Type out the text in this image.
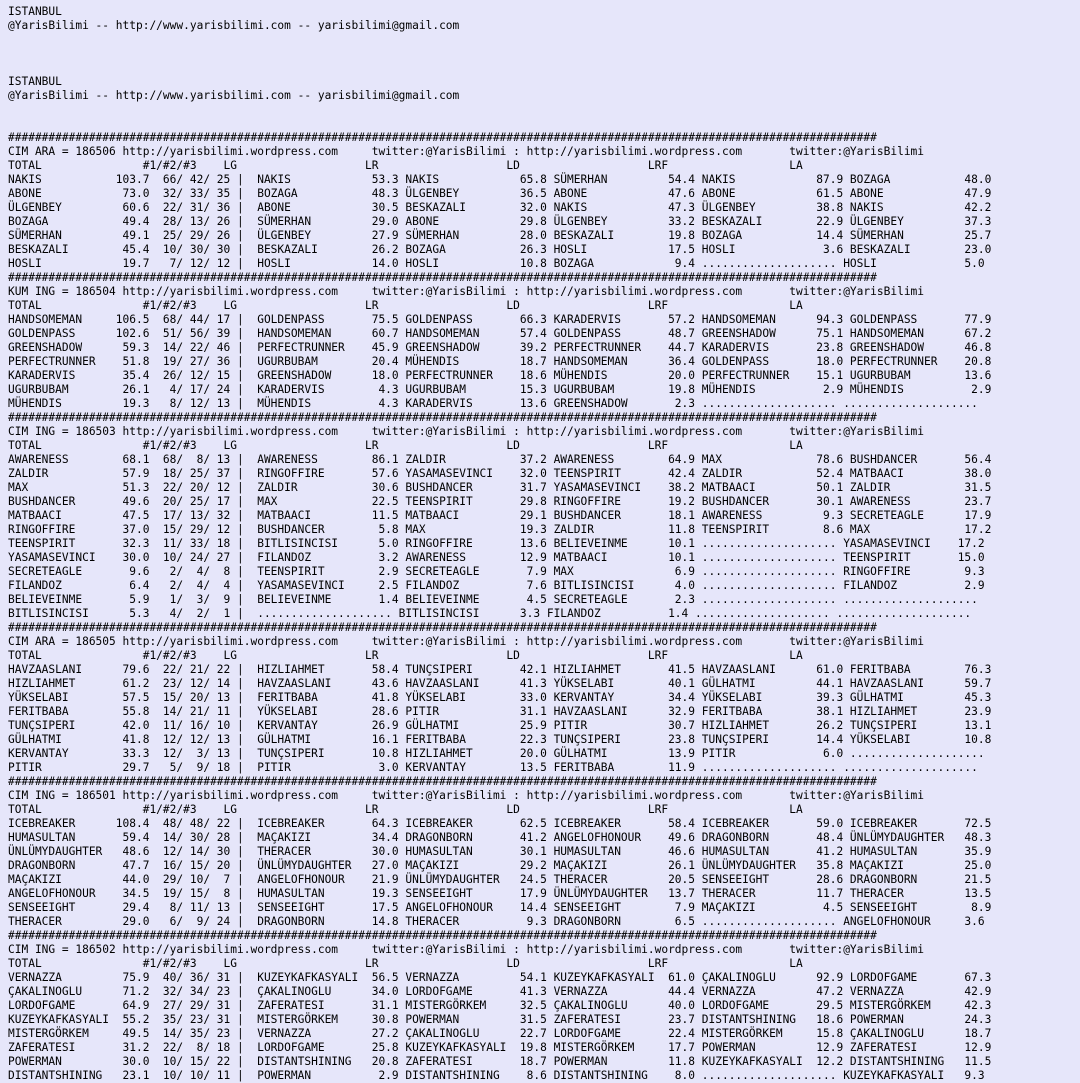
ISTANBUL
@YarisBilimi -- http://www.yarisbilimi.com -- yarisbilimi@gmail.com
ISTANBUL
@YarisBilimi -- http://www.yarisbilimi.com -- yarisbilimi@gmail.com
#################################################################################################################################
CIM ARA = 186506 http://yarisbilimi.wordpress.com     twitter:@YarisBilimi : http://yarisbilimi.wordpress.com       twitter:@YarisBilimi
TOTAL               #1/#2/#3    LG                   LR                   LD                   LRF                  LA
NAKIS           103.7  66/ 42/ 25 |  NAKIS            53.3 NAKIS            65.8 SÜMERHAN         54.4 NAKIS            87.9 BOZAGA           48.0
ABONE            73.0  32/ 33/ 35 |  BOZAGA           48.3 ÜLGENBEY         36.5 ABONE            47.6 ABONE            61.5 ABONE            47.9
ÜLGENBEY         60.6  22/ 31/ 36 |  ABONE            30.5 BESKAZALI        32.0 NAKIS            47.3 ÜLGENBEY         38.8 NAKIS            42.2
BOZAGA           49.4  28/ 13/ 26 |  SÜMERHAN         29.0 ABONE            29.8 ÜLGENBEY         33.2 BESKAZALI        22.9 ÜLGENBEY         37.3
SÜMERHAN         49.1  25/ 29/ 26 |  ÜLGENBEY         27.9 SÜMERHAN         28.0 BESKAZALI        19.8 BOZAGA           14.4 SÜMERHAN         25.7
BESKAZALI        45.4  10/ 30/ 30 |  BESKAZALI        26.2 BOZAGA           26.3 HOSLI            17.5 HOSLI             3.6 BESKAZALI        23.0
HOSLI            19.7   7/ 12/ 12 |  HOSLI            14.0 HOSLI            10.8 BOZAGA            9.4 .................... HOSLI             5.0
#################################################################################################################################
KUM ING = 186504 http://yarisbilimi.wordpress.com     twitter:@YarisBilimi : http://yarisbilimi.wordpress.com       twitter:@YarisBilimi
TOTAL               #1/#2/#3    LG                   LR                   LD                   LRF                  LA
HANDSOMEMAN     106.5  68/ 44/ 17 |  GOLDENPASS       75.5 GOLDENPASS       66.3 KARADERVIS       57.2 HANDSOMEMAN      94.3 GOLDENPASS       77.9
GOLDENPASS      102.6  51/ 56/ 39 |  HANDSOMEMAN      60.7 HANDSOMEMAN      57.4 GOLDENPASS       48.7 GREENSHADOW      75.1 HANDSOMEMAN      67.2
GREENSHADOW      59.3  14/ 22/ 46 |  PERFECTRUNNER    45.9 GREENSHADOW      39.2 PERFECTRUNNER    44.7 KARADERVIS       23.8 GREENSHADOW      46.8
PERFECTRUNNER    51.8  19/ 27/ 36 |  UGURBUBAM        20.4 MÜHENDIS         18.7 HANDSOMEMAN      36.4 GOLDENPASS       18.0 PERFECTRUNNER    20.8
KARADERVIS       35.4  26/ 12/ 15 |  GREENSHADOW      18.0 PERFECTRUNNER    18.6 MÜHENDIS         20.0 PERFECTRUNNER    15.1 UGURBUBAM        13.6
UGURBUBAM        26.1   4/ 17/ 24 |  KARADERVIS        4.3 UGURBUBAM        15.3 UGURBUBAM        19.8 MÜHENDIS          2.9 MÜHENDIS          2.9
MÜHENDIS         19.3   8/ 12/ 13 |  MÜHENDIS          4.3 KARADERVIS       13.6 GREENSHADOW       2.3 .................... ....................
#################################################################################################################################
CIM ING = 186503 http://yarisbilimi.wordpress.com     twitter:@YarisBilimi : http://yarisbilimi.wordpress.com       twitter:@YarisBilimi
TOTAL               #1/#2/#3    LG                   LR                   LD                   LRF                  LA
AWARENESS        68.1  68/  8/ 13 |  AWARENESS        86.1 ZALDIR           37.2 AWARENESS        64.9 MAX              78.6 BUSHDANCER       56.4
ZALDIR           57.9  18/ 25/ 37 |  RINGOFFIRE       57.6 YASAMASEVINCI    32.0 TEENSPIRIT       42.4 ZALDIR           52.4 MATBAACI         38.0
MAX              51.3  22/ 20/ 12 |  ZALDIR           30.6 BUSHDANCER       31.7 YASAMASEVINCI    38.2 MATBAACI         50.1 ZALDIR           31.5
BUSHDANCER       49.6  20/ 25/ 17 |  MAX              22.5 TEENSPIRIT       29.8 RINGOFFIRE       19.2 BUSHDANCER       30.1 AWARENESS        23.7
MATBAACI         47.5  17/ 13/ 32 |  MATBAACI         11.5 MATBAACI         29.1 BUSHDANCER       18.1 AWARENESS         9.3 SECRETEAGLE      17.9
RINGOFFIRE       37.0  15/ 29/ 12 |  BUSHDANCER        5.8 MAX              19.3 ZALDIR           11.8 TEENSPIRIT        8.6 MAX              17.2
TEENSPIRIT       32.3  11/ 33/ 18 |  BITLISINCISI      5.0 RINGOFFIRE       13.6 BELIEVEINME      10.1 .................... YASAMASEVINCI    17.2
YASAMASEVINCI    30.0  10/ 24/ 27 |  FILANDOZ          3.2 AWARENESS        12.9 MATBAACI         10.1 .................... TEENSPIRIT       15.0
SECRETEAGLE       9.6   2/  4/  8 |  TEENSPIRIT        2.9 SECRETEAGLE       7.9 MAX               6.9 .................... RINGOFFIRE        9.3
FILANDOZ          6.4   2/  4/  4 |  YASAMASEVINCI     2.5 FILANDOZ          7.6 BITLISINCISI      4.0 .................... FILANDOZ          2.9
BELIEVEINME       5.9   1/  3/  9 |  BELIEVEINME       1.4 BELIEVEINME       4.5 SECRETEAGLE       2.3 .................... ....................
BITLISINCISI      5.3   4/  2/  1 |  .................... BITLISINCISI      3.3 FILANDOZ          1.4 .................... ....................
#################################################################################################################################
CIM ARA = 186505 http://yarisbilimi.wordpress.com     twitter:@YarisBilimi : http://yarisbilimi.wordpress.com       twitter:@YarisBilimi
TOTAL               #1/#2/#3    LG                   LR                   LD                   LRF                  LA
HAVZAASLANI      79.6  22/ 21/ 22 |  HIZLIAHMET       58.4 TUNÇSIPERI       42.1 HIZLIAHMET       41.5 HAVZAASLANI      61.0 FERITBABA        76.3
HIZLIAHMET       61.2  23/ 12/ 14 |  HAVZAASLANI      43.6 HAVZAASLANI      41.3 YÜKSELABI        40.1 GÜLHATMI         44.1 HAVZAASLANI      59.7
YÜKSELABI        57.5  15/ 20/ 13 |  FERITBABA        41.8 YÜKSELABI        33.0 KERVANTAY        34.4 YÜKSELABI        39.3 GÜLHATMI         45.3
FERITBABA        55.8  14/ 21/ 11 |  YÜKSELABI        28.6 PITIR            31.1 HAVZAASLANI      32.9 FERITBABA        38.1 HIZLIAHMET       23.9
TUNÇSIPERI       42.0  11/ 16/ 10 |  KERVANTAY        26.9 GÜLHATMI         25.9 PITIR            30.7 HIZLIAHMET       26.2 TUNÇSIPERI       13.1
GÜLHATMI         41.8  12/ 12/ 13 |  GÜLHATMI         16.1 FERITBABA        22.3 TUNÇSIPERI       23.8 TUNÇSIPERI       14.4 YÜKSELABI        10.8
KERVANTAY        33.3  12/  3/ 13 |  TUNÇSIPERI       10.8 HIZLIAHMET       20.0 GÜLHATMI         13.9 PITIR             6.0 ....................
PITIR            29.7   5/  9/ 18 |  PITIR             3.0 KERVANTAY        13.5 FERITBABA        11.9 .................... ....................
#################################################################################################################################
CIM ING = 186501 http://yarisbilimi.wordpress.com     twitter:@YarisBilimi : http://yarisbilimi.wordpress.com       twitter:@YarisBilimi
TOTAL               #1/#2/#3    LG                   LR                   LD                   LRF                  LA
ICEBREAKER      108.4  48/ 48/ 22 |  ICEBREAKER       64.3 ICEBREAKER       62.5 ICEBREAKER       58.4 ICEBREAKER       59.0 ICEBREAKER       72.5
HUMASULTAN       59.4  14/ 30/ 28 |  MAÇAKIZI         34.4 DRAGONBORN       41.2 ANGELOFHONOUR    49.6 DRAGONBORN       48.4 ÜNLÜMYDAUGHTER   48.3
ÜNLÜMYDAUGHTER   48.6  12/ 14/ 30 |  THERACER         30.0 HUMASULTAN       30.1 HUMASULTAN       46.6 HUMASULTAN       41.2 HUMASULTAN       35.9
DRAGONBORN       47.7  16/ 15/ 20 |  ÜNLÜMYDAUGHTER   27.0 MAÇAKIZI         29.2 MAÇAKIZI         26.1 ÜNLÜMYDAUGHTER   35.8 MAÇAKIZI         25.0
MAÇAKIZI         44.0  29/ 10/  7 |  ANGELOFHONOUR    21.9 ÜNLÜMYDAUGHTER   24.5 THERACER         20.5 SENSEEIGHT       28.6 DRAGONBORN       21.5
ANGELOFHONOUR    34.5  19/ 15/  8 |  HUMASULTAN       19.3 SENSEEIGHT       17.9 ÜNLÜMYDAUGHTER   13.7 THERACER         11.7 THERACER         13.5
SENSEEIGHT       29.4   8/ 11/ 13 |  SENSEEIGHT       17.5 ANGELOFHONOUR    14.4 SENSEEIGHT        7.9 MAÇAKIZI          4.5 SENSEEIGHT        8.9
THERACER         29.0   6/  9/ 24 |  DRAGONBORN       14.8 THERACER          9.3 DRAGONBORN        6.5 .................... ANGELOFHONOUR     3.6
#################################################################################################################################
CIM ING = 186502 http://yarisbilimi.wordpress.com     twitter:@YarisBilimi : http://yarisbilimi.wordpress.com       twitter:@YarisBilimi
TOTAL               #1/#2/#3    LG                   LR                   LD                   LRF                  LA
VERNAZZA         75.9  40/ 36/ 31 |  KUZEYKAFKASYALI  56.5 VERNAZZA         54.1 KUZEYKAFKASYALI  61.0 ÇAKALINOGLU      92.9 LORDOFGAME       67.3
ÇAKALINOGLU      71.2  32/ 34/ 23 |  ÇAKALINOGLU      34.0 LORDOFGAME       41.3 VERNAZZA         44.4 VERNAZZA         47.2 VERNAZZA         42.9
LORDOFGAME       64.9  27/ 29/ 31 |  ZAFERATESI       31.1 MISTERGÖRKEM     32.5 ÇAKALINOGLU      40.0 LORDOFGAME       29.5 MISTERGÖRKEM     42.3
KUZEYKAFKASYALI  55.2  35/ 23/ 31 |  MISTERGÖRKEM     30.8 POWERMAN         31.5 ZAFERATESI       23.7 DISTANTSHINING   18.6 POWERMAN         24.3
MISTERGÖRKEM     49.5  14/ 35/ 23 |  VERNAZZA         27.2 ÇAKALINOGLU      22.7 LORDOFGAME       22.4 MISTERGÖRKEM     15.8 ÇAKALINOGLU      18.7
ZAFERATESI       31.2  22/  8/ 18 |  LORDOFGAME       25.8 KUZEYKAFKASYALI  19.8 MISTERGÖRKEM     17.7 POWERMAN         12.9 ZAFERATESI       12.9
POWERMAN         30.0  10/ 15/ 22 |  DISTANTSHINING   20.8 ZAFERATESI       18.7 POWERMAN         11.8 KUZEYKAFKASYALI  12.2 DISTANTSHINING   11.5
DISTANTSHINING   23.1  10/ 10/ 11 |  POWERMAN          2.9 DISTANTSHINING    8.6 DISTANTSHINING    8.0 .................... KUZEYKAFKASYALI   9.3
